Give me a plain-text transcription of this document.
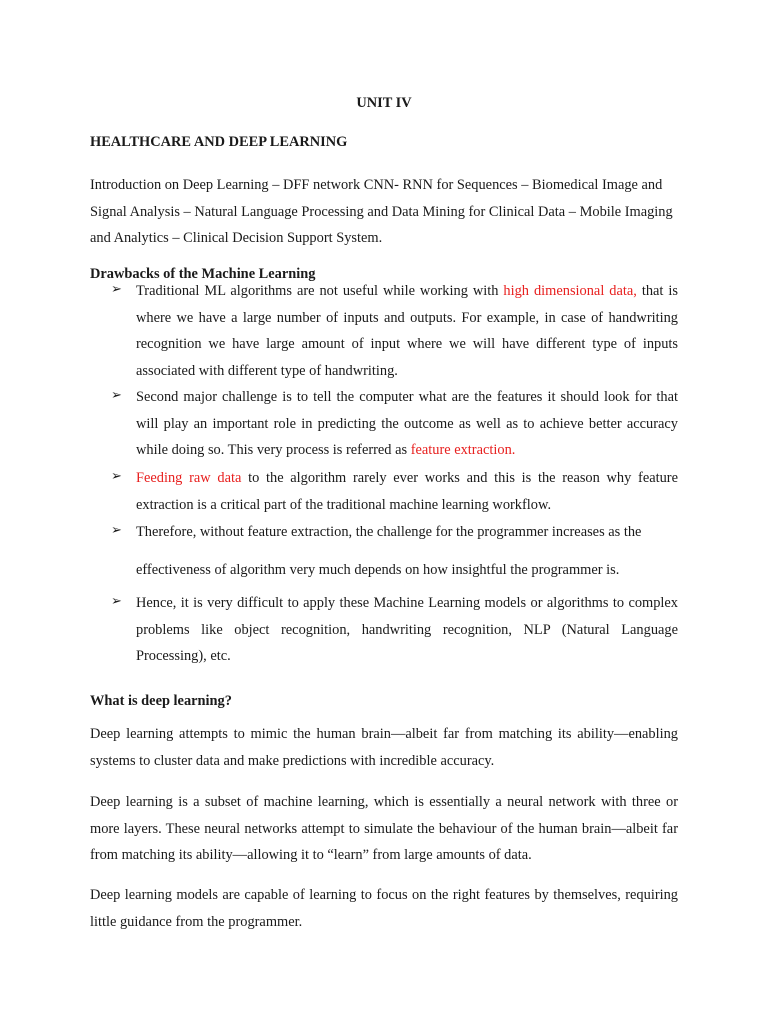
UNIT IV

HEALTHCARE AND DEEP LEARNING

Introduction on Deep Learning – DFF network CNN- RNN for Sequences – Biomedical Image and Signal Analysis – Natural Language Processing and Data Mining for Clinical Data – Mobile Imaging and Analytics – Clinical Decision Support System.

Drawbacks of the Machine Learning

➢ Traditional ML algorithms are not useful while working with high dimensional data, that is where we have a large number of inputs and outputs. For example, in case of handwriting recognition we have large amount of input where we will have different type of inputs associated with different type of handwriting.
➢ Second major challenge is to tell the computer what are the features it should look for that will play an important role in predicting the outcome as well as to achieve better accuracy while doing so. This very process is referred as feature extraction.
➢ Feeding raw data to the algorithm rarely ever works and this is the reason why feature extraction is a critical part of the traditional machine learning workflow.
➢ Therefore, without feature extraction, the challenge for the programmer increases as the
effectiveness of algorithm very much depends on how insightful the programmer is.
➢ Hence, it is very difficult to apply these Machine Learning models or algorithms to complex problems like object recognition, handwriting recognition, NLP (Natural Language Processing), etc.

What is deep learning?

Deep learning attempts to mimic the human brain—albeit far from matching its ability—enabling systems to cluster data and make predictions with incredible accuracy.

Deep learning is a subset of machine learning, which is essentially a neural network with three or more layers. These neural networks attempt to simulate the behaviour of the human brain—albeit far from matching its ability—allowing it to “learn” from large amounts of data.

Deep learning models are capable of learning to focus on the right features by themselves, requiring little guidance from the programmer.
